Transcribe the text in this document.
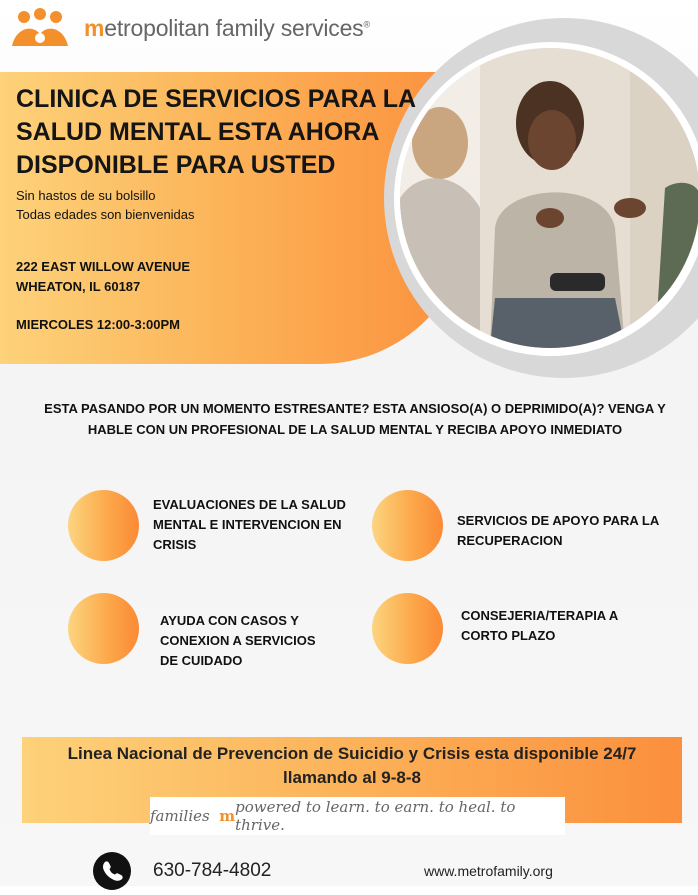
metropolitan family services®
CLINICA DE SERVICIOS PARA LA SALUD MENTAL ESTA AHORA DISPONIBLE PARA USTED
Sin hastos de su bolsillo
Todas edades son bienvenidas
222 EAST WILLOW AVENUE
WHEATON, IL 60187
MIERCOLES 12:00-3:00PM
ESTA PASANDO POR UN MOMENTO ESTRESANTE? ESTA ANSIOSO(A) O DEPRIMIDO(A)? VENGA Y HABLE CON UN PROFESIONAL DE LA SALUD MENTAL Y RECIBA APOYO INMEDIATO
EVALUACIONES DE LA SALUD MENTAL E INTERVENCION EN CRISIS
SERVICIOS DE APOYO PARA LA RECUPERACION
AYUDA CON CASOS Y CONEXION A SERVICIOS DE CUIDADO
CONSEJERIA/TERAPIA A CORTO PLAZO
Linea Nacional de Prevencion de Suicidio y Crisis esta disponible 24/7 llamando al 9-8-8
families
m powered to learn. to earn. to heal. to thrive.
630-784-4802	www.metrofamily.org
